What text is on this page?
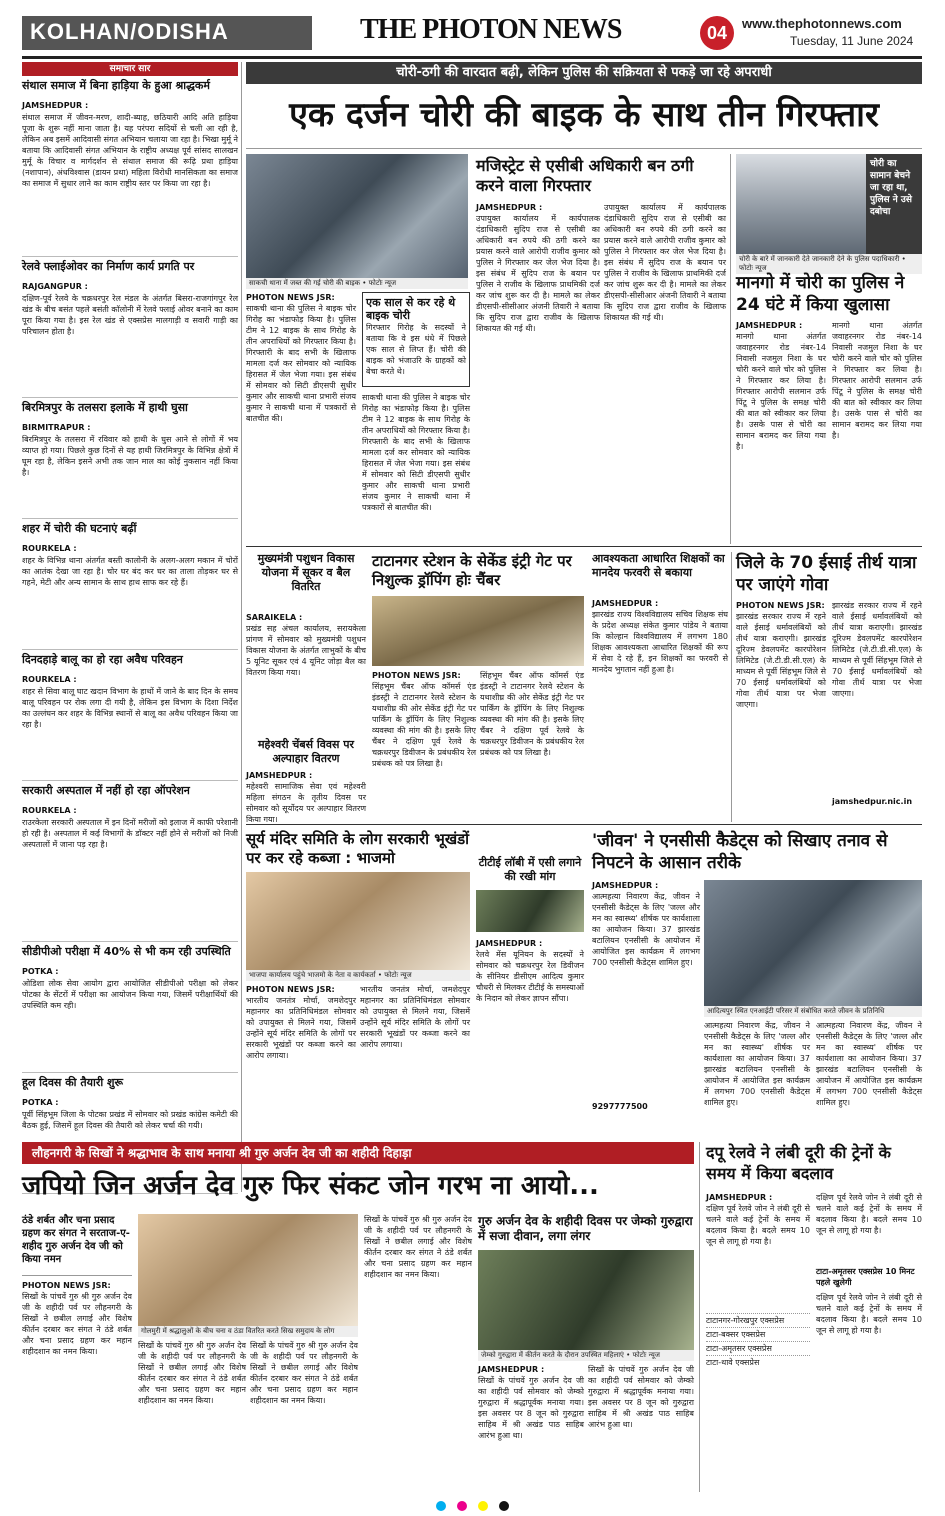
KOLHAN/ODISHA	THE PHOTON NEWS	04	www.thephotonnews.com
Tuesday, 11 June 2024
समाचार सार
संथाल समाज में बिना हाड़िया के हुआ श्राद्धकर्म
JAMSHEDPUR :
संथाल समाज में जीवन-मरण, शादी-ब्याह, छठियारी आदि अति हाड़िया पूजा के शुरू नहीं माना जाता है। यह परंपरा सदियों से चली आ रही है, लेकिन अब इसमें आदिवासी संगत अभियान चलाया जा रहा है। भिखा मुर्मू ने बताया कि आदिवासी संगत अभियान के राष्ट्रीय अध्यक्ष पूर्व सांसद सालखन मुर्मू के विचार व मार्गदर्शन से संथाल समाज की रूढ़ि प्रथा हाड़िया (नशापान), अंधविश्वास (डायन प्रथा) महिला विरोधी मानसिकता का समाज का समाज में सुधार लाने का काम राष्ट्रीय स्तर पर किया जा रहा है।
रेलवे फ्लाईओवर का निर्माण कार्य प्रगति पर
RAJGANGPUR :
दक्षिण-पूर्व रेलवे के चक्रधरपुर रेल मंडल के अंतर्गत बिसरा-राजगांगपुर रेल खंड के बीच बसंत पहले बसंती कॉलोनी में रेलवे फ्लाई ओवर बनाने का काम पूरा किया गया है। इस रेल खंड से एक्सप्रेस मालगाड़ी व सवारी गाड़ी का परिचालन होता है।
बिरमित्रपुर के तलसरा इलाके में हाथी घुसा
BIRMITRAPUR :
बिरमित्रपुर के तलसरा में रविवार को हाथी के घुस आने से लोगों में भय व्याप्त हो गया। पिछले कुछ दिनों से यह हाथी जिरमित्रपुर के विभिन्न क्षेत्रों में घूम रहा है, लेकिन इसने अभी तक जान माल का कोई नुकसान नहीं किया है।
शहर में चोरी की घटनाएं बढ़ीं
ROURKELA :
शहर के विभिन्न थाना अंतर्गत बस्ती कालोनी के अलग-अलग मकान में चोरों का आतंक देखा जा रहा है। चोर घर बंद कर घर का ताला तोड़कर घर से गहने, मेटी और अन्य सामान के साथ हाथ साफ कर रहे हैं।
दिनदहाड़े बालू का हो रहा अवैध परिवहन
ROURKELA :
शहर से सिवा बालू घाट खदान विभाग के हाथों में जाने के बाद दिन के समय बालू परिवहन पर रोक लगा दी गयी है, लेकिन इस विभाग के दिशा निर्देश का उल्लंघन कर शहर के विभिन्न स्थानों से बालू का अवैध परिवहन किया जा रहा है।
सरकारी अस्पताल में नहीं हो रहा ऑपरेशन
ROURKELA :
राउरकेला सरकारी अस्पताल में इन दिनों मरीजों को इलाज में काफी परेशानी हो रही है। अस्पताल में कई विभागों के डॉक्टर नहीं होने से मरीजों को निजी अस्पतालों में जाना पड़ रहा है।
सीडीपीओ परीक्षा में 40% से भी कम रही उपस्थिति
POTKA :
ओडिशा लोक सेवा आयोग द्वारा आयोजित सीडीपीओ परीक्षा को लेकर पोटका के सेंटरों में परीक्षा का आयोजन किया गया, जिसमें परीक्षार्थियों की उपस्थिति कम रही।
हूल दिवस की तैयारी शुरू
POTKA :
पूर्वी सिंहभूम जिला के पोटका प्रखंड में सोमवार को प्रखंड कांग्रेस कमेटी की बैठक हुई, जिसमें हूल दिवस की तैयारी को लेकर चर्चा की गयी।
चोरी-ठगी की वारदात बढ़ी, लेकिन पुलिस की सक्रियता से पकड़े जा रहे अपराधी
एक दर्जन चोरी की बाइक के साथ तीन गिरफ्तार
साकची थाना में जब्त की गई चोरी की बाइक • फोटोः न्यूज
PHOTON NEWS JSR:
साकची थाना की पुलिस ने बाइक चोर गिरोह का भंडाफोड़ किया है। पुलिस टीम ने 12 बाइक के साथ गिरोह के तीन अपराधियों को गिरफ्तार किया है। गिरफ्तारी के बाद सभी के खिलाफ मामला दर्ज कर सोमवार को न्यायिक हिरासत में जेल भेजा गया। इस संबंध में सोमवार को सिटी डीएसपी सुधीर कुमार और साकची थाना प्रभारी संजय कुमार ने साकची थाना में पत्रकारों से बातचीत की।
एक साल से कर रहे थे बाइक चोरी
गिरफ्तार गिरोह के सदस्यों ने बताया कि वे इस धंधे में पिछले एक साल से लिप्त हैं। चोरी की बाइक को भंजाउरि के ग्राहकों को बेचा करते थे।
साकची थाना की पुलिस ने बाइक चोर गिरोह का भंडाफोड़ किया है। पुलिस टीम ने 12 बाइक के साथ गिरोह के तीन अपराधियों को गिरफ्तार किया है। गिरफ्तारी के बाद सभी के खिलाफ मामला दर्ज कर सोमवार को न्यायिक हिरासत में जेल भेजा गया। इस संबंध में सोमवार को सिटी डीएसपी सुधीर कुमार और साकची थाना प्रभारी संजय कुमार ने साकची थाना में पत्रकारों से बातचीत की।
मजिस्ट्रेट से एसीबी अधिकारी बन ठगी करने वाला गिरफ्तार
JAMSHEDPUR :
उपायुक्त कार्यालय में कार्यपालक दंडाधिकारी सुदिप राज से एसीबी का अधिकारी बन रुपये की ठगी करने का प्रयास करने वाले आरोपी राजीव कुमार को पुलिस ने गिरफ्तार कर जेल भेज दिया है। इस संबंध में सुदिप राज के बयान पर पुलिस ने राजीव के खिलाफ प्राथमिकी दर्ज कर जांच शुरू कर दी है। मामले का लेकर डीएसपी-सीसीआर अंजनी तिवारी ने बताया कि सुदिप राज द्वारा राजीव के खिलाफ शिकायत की गई थी।
उपायुक्त कार्यालय में कार्यपालक दंडाधिकारी सुदिप राज से एसीबी का अधिकारी बन रुपये की ठगी करने का प्रयास करने वाले आरोपी राजीव कुमार को पुलिस ने गिरफ्तार कर जेल भेज दिया है। इस संबंध में सुदिप राज के बयान पर पुलिस ने राजीव के खिलाफ प्राथमिकी दर्ज कर जांच शुरू कर दी है। मामले का लेकर डीएसपी-सीसीआर अंजनी तिवारी ने बताया कि सुदिप राज द्वारा राजीव के खिलाफ शिकायत की गई थी।
चोरी का सामान बेचने जा रहा था, पुलिस ने उसे दबोचा
चोरी के बारे में जानकारी देते जानकारी देने के पुलिस पदाधिकारी • फोटोः न्यूज
मानगो में चोरी का पुलिस ने 24 घंटे में किया खुलासा
JAMSHEDPUR :
मानगो थाना अंतर्गत जवाहरनगर रोड नंबर-14 निवासी नजमुल निशा के घर चोरी करने वाले चोर को पुलिस ने गिरफ्तार कर लिया है। गिरफ्तार आरोपी सलमान उर्फ पिंटू ने पुलिस के समक्ष चोरी की बात को स्वीकार कर लिया है। उसके पास से चोरी का सामान बरामद कर लिया गया है।
मानगो थाना अंतर्गत जवाहरनगर रोड नंबर-14 निवासी नजमुल निशा के घर चोरी करने वाले चोर को पुलिस ने गिरफ्तार कर लिया है। गिरफ्तार आरोपी सलमान उर्फ पिंटू ने पुलिस के समक्ष चोरी की बात को स्वीकार कर लिया है। उसके पास से चोरी का सामान बरामद कर लिया गया है।
मुख्यमंत्री पशुधन विकास योजना में सूकर व बैल वितरित
SARAIKELA :
प्रखंड सह अंचल कार्यालय, सरायकेला प्रांगण में सोमवार को मुख्यमंत्री पशुधन विकास योजना के अंतर्गत लाभुकों के बीच 5 यूनिट सूकर एवं 4 यूनिट जोड़ा बैल का वितरण किया गया।
महेश्वरी चेंबर्स विवस पर अल्पाहार वितरण
JAMSHEDPUR :
महेश्वरी सामाजिक सेवा एवं महेश्वरी महिला संगठन के तृतीय दिवस पर सोमवार को सूर्योदय पर अल्पाहार वितरण किया गया।
टाटानगर स्टेशन के सेकेंड इंट्री गेट पर निशुल्क ड्रॉपिंग होः चैंबर
PHOTON NEWS JSR:
सिंहभूम चैंबर ऑफ कॉमर्स एंड इंडस्ट्री ने टाटानगर रेलवे स्टेशन के यथाशीघ्र की ओर सेकेंड इंट्री गेट पर पार्किंग के ड्रॉपिंग के लिए निशुल्क व्यवस्था की मांग की है। इसके लिए चैंबर ने दक्षिण पूर्व रेलवे के चक्रधरपुर डिवीजन के प्रबंधकीय रेल प्रबंधक को पत्र लिखा है।
सिंहभूम चैंबर ऑफ कॉमर्स एंड इंडस्ट्री ने टाटानगर रेलवे स्टेशन के यथाशीघ्र की ओर सेकेंड इंट्री गेट पर पार्किंग के ड्रॉपिंग के लिए निशुल्क व्यवस्था की मांग की है। इसके लिए चैंबर ने दक्षिण पूर्व रेलवे के चक्रधरपुर डिवीजन के प्रबंधकीय रेल प्रबंधक को पत्र लिखा है।
आवश्यकता आधारित शिक्षकों का मानदेय फरवरी से बकाया
JAMSHEDPUR :
झारखंड राज्य विश्वविद्यालय सचिव शिक्षक संघ के प्रदेश अध्यक्ष संकेत कुमार पांडेय ने बताया कि कोल्हान विश्वविद्यालय में लगभग 180 शिक्षक आवश्यकता आधारित शिक्षकों की रूप में सेवा दे रहे हैं, इन शिक्षकों का फरवरी से मानदेय भुगतान नहीं हुआ है।
जिले के 70 ईसाई तीर्थ यात्रा पर जाएंगे गोवा
PHOTON NEWS JSR:
झारखंड सरकार राज्य में रहने वाले ईसाई धर्मावलंबियों को तीर्थ यात्रा कराएगी। झारखंड दूरिज्म डेवलपमेंट कारपोरेशन लिमिटेड (जे.टी.डी.सी.एल) के माध्यम से पूर्वी सिंहभूम जिले से 70 ईसाई धर्मावलंबियों को गोवा तीर्थ यात्रा पर भेजा जाएगा।
झारखंड सरकार राज्य में रहने वाले ईसाई धर्मावलंबियों को तीर्थ यात्रा कराएगी। झारखंड दूरिज्म डेवलपमेंट कारपोरेशन लिमिटेड (जे.टी.डी.सी.एल) के माध्यम से पूर्वी सिंहभूम जिले से 70 ईसाई धर्मावलंबियों को गोवा तीर्थ यात्रा पर भेजा जाएगा।
jamshedpur.nic.in
सूर्य मंदिर समिति के लोग सरकारी भूखंडों पर कर रहे कब्जा : भाजमो
भाजपा कार्यालय पहुंचे भाजमो के नेता व कार्यकर्ता • फोटोः न्यूज
PHOTON NEWS JSR:
भारतीय जनतंत्र मोर्चा, जमशेदपुर महानगर का प्रतिनिधिमंडल सोमवार को उपायुक्त से मिलने गया, जिसमें उन्होंने सूर्य मंदिर समिति के लोगों पर सरकारी भूखंडों पर कब्जा करने का आरोप लगाया।
भारतीय जनतंत्र मोर्चा, जमशेदपुर महानगर का प्रतिनिधिमंडल सोमवार को उपायुक्त से मिलने गया, जिसमें उन्होंने सूर्य मंदिर समिति के लोगों पर सरकारी भूखंडों पर कब्जा करने का आरोप लगाया।
टीटीई लॉबी में एसी लगाने की रखी मांग
JAMSHEDPUR :
रेलवे मेंस यूनियन के सदस्यों ने सोमवार को चक्रधरपुर रेल डिवीजन के सीनियर डीसीएम आदित्य कुमार चौधरी से मिलकर टीटीई के समस्याओं के निदान को लेकर ज्ञापन सौंपा।
'जीवन' ने एनसीसी कैडेट्स को सिखाए तनाव से निपटने के आसान तरीके
JAMSHEDPUR :
आत्महत्या निवारण केंद्र, जीवन ने एनसीसी कैडेट्स के लिए 'जल्ल और मन का स्वास्थ्य' शीर्षक पर कार्यशाला का आयोजन किया। 37 झारखंड बटालियन एनसीसी के आयोजन में आयोजित इस कार्यक्रम में लगभग 700 एनसीसी कैडेट्स शामिल हुए।
9297777500
आदित्यपुर स्थित एनआईटी परिसर में संबोधित करते जीवन के प्रतिनिधि
आत्महत्या निवारण केंद्र, जीवन ने एनसीसी कैडेट्स के लिए 'जल्ल और मन का स्वास्थ्य' शीर्षक पर कार्यशाला का आयोजन किया। 37 झारखंड बटालियन एनसीसी के आयोजन में आयोजित इस कार्यक्रम में लगभग 700 एनसीसी कैडेट्स शामिल हुए।
आत्महत्या निवारण केंद्र, जीवन ने एनसीसी कैडेट्स के लिए 'जल्ल और मन का स्वास्थ्य' शीर्षक पर कार्यशाला का आयोजन किया। 37 झारखंड बटालियन एनसीसी के आयोजन में आयोजित इस कार्यक्रम में लगभग 700 एनसीसी कैडेट्स शामिल हुए।
लौहनगरी के सिखों ने श्रद्धाभाव के साथ मनाया श्री गुरु अर्जन देव जी का शहीदी दिहाड़ा
जपियो जिन अर्जन देव गुरु फिर संकट जोन गरभ ना आयो...
ठंडे शर्बत और चना प्रसाद ग्रहण कर संगत ने सरताज-ए-शहीद गुरु अर्जन देव जी को किया नमन
PHOTON NEWS JSR:
सिखों के पांचवें गुरु श्री गुरु अर्जन देव जी के शहीदी पर्व पर लौहनगरी के सिखों ने छबील लगाई और विशेष कीर्तन दरबार कर संगत ने ठंडे शर्बत और चना प्रसाद ग्रहण कर महान शहीदशान का नमन किया।
गोलमुरी में श्रद्धालुओं के बीच चना व ठंडा वितरित करते सिख समुदाय के लोग
सिखों के पांचवें गुरु श्री गुरु अर्जन देव जी के शहीदी पर्व पर लौहनगरी के सिखों ने छबील लगाई और विशेष कीर्तन दरबार कर संगत ने ठंडे शर्बत और चना प्रसाद ग्रहण कर महान शहीदशान का नमन किया।
सिखों के पांचवें गुरु श्री गुरु अर्जन देव जी के शहीदी पर्व पर लौहनगरी के सिखों ने छबील लगाई और विशेष कीर्तन दरबार कर संगत ने ठंडे शर्बत और चना प्रसाद ग्रहण कर महान शहीदशान का नमन किया।
सिखों के पांचवें गुरु श्री गुरु अर्जन देव जी के शहीदी पर्व पर लौहनगरी के सिखों ने छबील लगाई और विशेष कीर्तन दरबार कर संगत ने ठंडे शर्बत और चना प्रसाद ग्रहण कर महान शहीदशान का नमन किया।
गुरु अर्जन देव के शहीदी दिवस पर जेम्को गुरुद्वारा में सजा दीवान, लगा लंगर
जेम्को गुरुद्वारा में कीर्तन करते के दौरान उपस्थित महिलाएं • फोटोः न्यूज
JAMSHEDPUR :
सिखों के पांचवें गुरु अर्जन देव जी का शहीदी पर्व सोमवार को जेम्को गुरुद्वारा में श्रद्धापूर्वक मनाया गया। इस अवसर पर 8 जून को गुरुद्वारा साहिब में श्री अखंड पाठ साहिब आरंभ हुआ था।
सिखों के पांचवें गुरु अर्जन देव जी का शहीदी पर्व सोमवार को जेम्को गुरुद्वारा में श्रद्धापूर्वक मनाया गया। इस अवसर पर 8 जून को गुरुद्वारा साहिब में श्री अखंड पाठ साहिब आरंभ हुआ था।
दपू रेलवे ने लंबी दूरी की ट्रेनों के समय में किया बदलाव
JAMSHEDPUR :
दक्षिण पूर्व रेलवे जोन ने लंबी दूरी से चलने वाले कई ट्रेनों के समय में बदलाव किया है। बदले समय 10 जून से लागू हो गया है।
टाटानगर-गोरखपुर एक्सप्रेस
टाटा-बक्सर एक्सप्रेस
टाटा-अमृतसर एक्सप्रेस
टाटा-थावे एक्सप्रेस
दक्षिण पूर्व रेलवे जोन ने लंबी दूरी से चलने वाले कई ट्रेनों के समय में बदलाव किया है। बदले समय 10 जून से लागू हो गया है।
टाटा-अमृतसर एक्सप्रेस 10 मिनट पहले खुलेगी
दक्षिण पूर्व रेलवे जोन ने लंबी दूरी से चलने वाले कई ट्रेनों के समय में बदलाव किया है। बदले समय 10 जून से लागू हो गया है।
